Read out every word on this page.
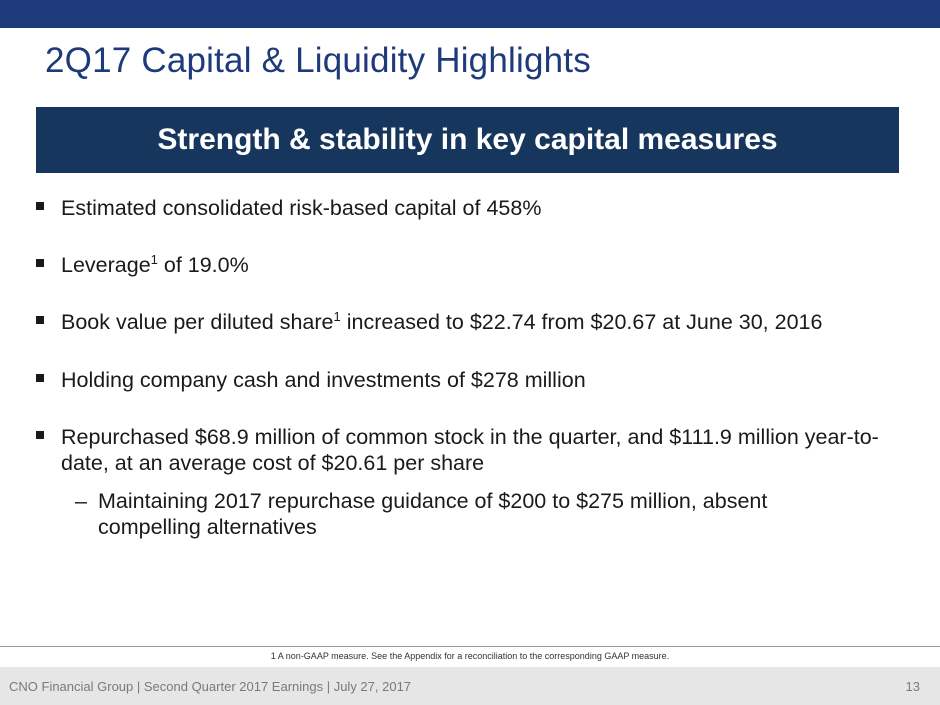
2Q17 Capital & Liquidity Highlights
Strength & stability in key capital measures
Estimated consolidated risk-based capital of 458%
Leverage$^1$ of 19.0%
Book value per diluted share$^1$ increased to $22.74 from $20.67 at June 30, 2016
Holding company cash and investments of $278 million
Repurchased $68.9 million of common stock in the quarter, and $111.9 million year-to-date, at an average cost of $20.61 per share
– Maintaining 2017 repurchase guidance of $200 to $275 million, absent compelling alternatives
1 A non-GAAP measure. See the Appendix for a reconciliation to the corresponding GAAP measure.
CNO Financial Group | Second Quarter 2017 Earnings | July 27, 2017	13
